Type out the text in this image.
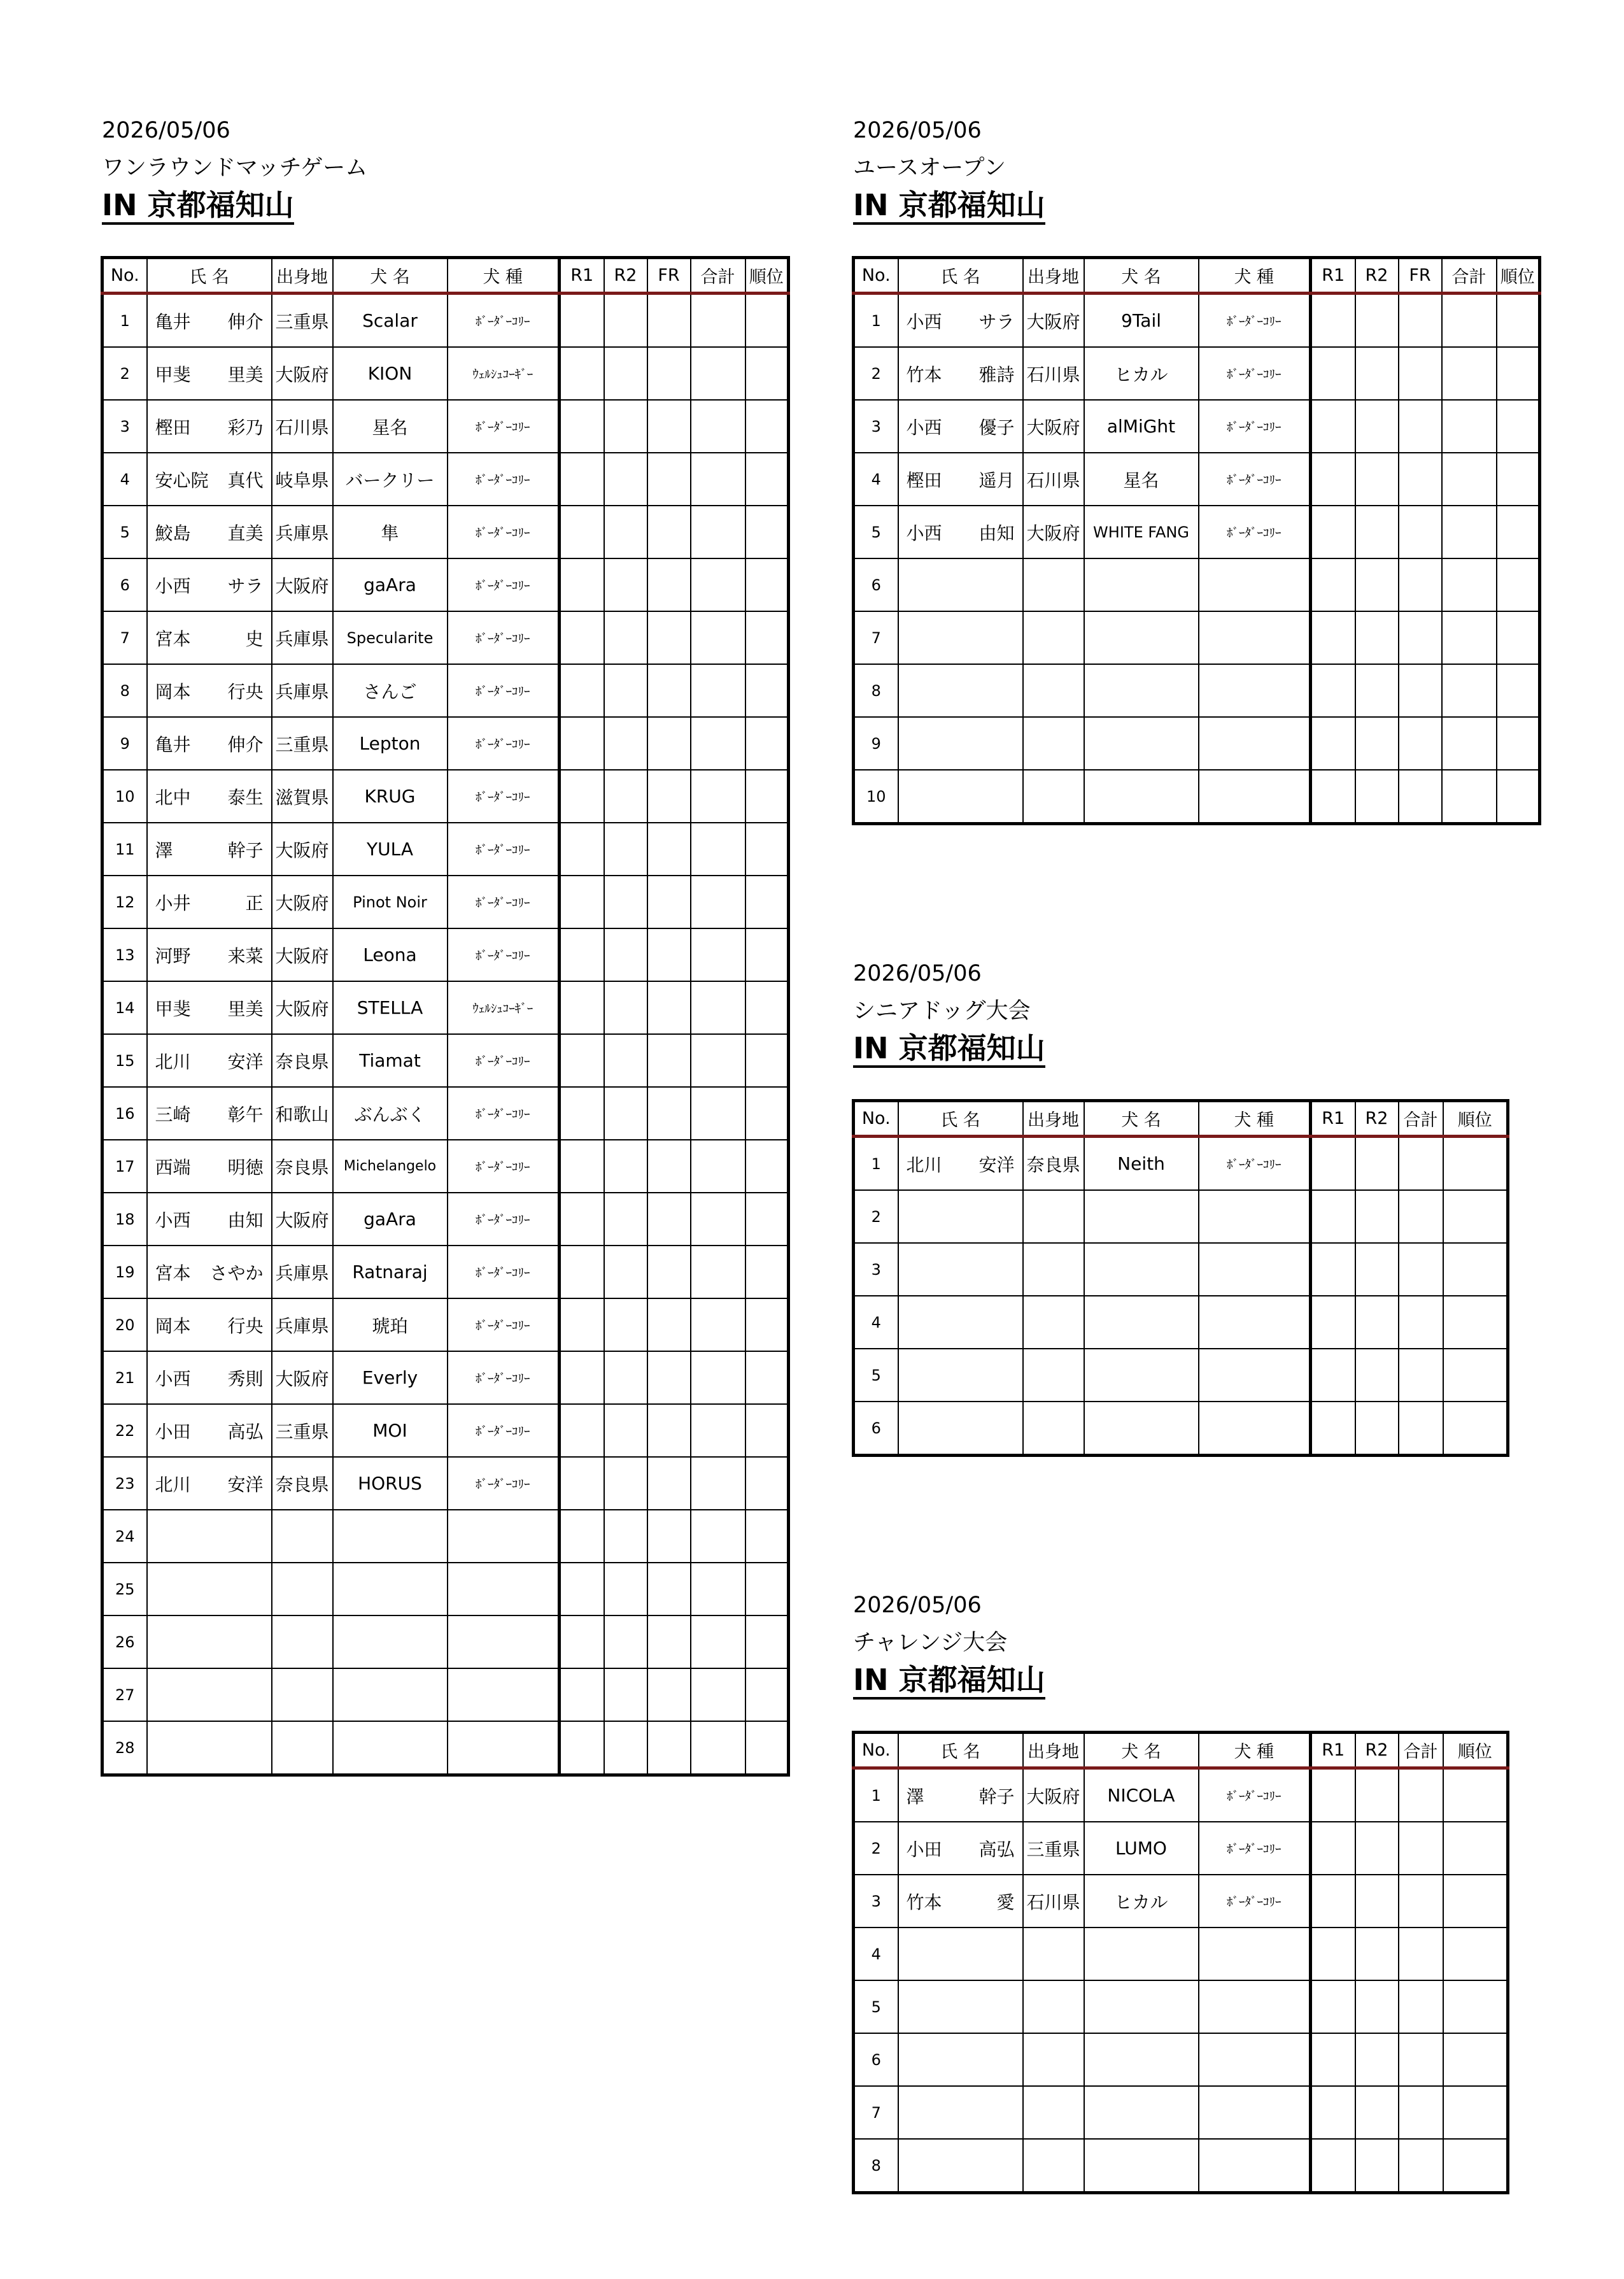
2026/05/06

ワンラウンドマッチゲーム

IN 京都福知山
No.	氏 名	出身地	犬 名	犬 種	R1	R2	FR	合計	順位
1	亀井 伸介	三重県	Scalar	ﾎﾞｰﾀﾞｰｺﾘｰ					
2	甲斐 里美	大阪府	KION	ｳｪﾙｼｭｺｰｷﾞｰ					
3	樫田 彩乃	石川県	星名	ﾎﾞｰﾀﾞｰｺﾘｰ					
4	安心院 真代	岐阜県	バークリー	ﾎﾞｰﾀﾞｰｺﾘｰ					
5	鮫島 直美	兵庫県	隼	ﾎﾞｰﾀﾞｰｺﾘｰ					
6	小西 サラ	大阪府	gaAra	ﾎﾞｰﾀﾞｰｺﾘｰ					
7	宮本 史	兵庫県	Specularite	ﾎﾞｰﾀﾞｰｺﾘｰ					
8	岡本 行央	兵庫県	さんご	ﾎﾞｰﾀﾞｰｺﾘｰ					
9	亀井 伸介	三重県	Lepton	ﾎﾞｰﾀﾞｰｺﾘｰ					
10	北中 泰生	滋賀県	KRUG	ﾎﾞｰﾀﾞｰｺﾘｰ					
11	澤 幹子	大阪府	YULA	ﾎﾞｰﾀﾞｰｺﾘｰ					
12	小井 正	大阪府	Pinot Noir	ﾎﾞｰﾀﾞｰｺﾘｰ					
13	河野 来菜	大阪府	Leona	ﾎﾞｰﾀﾞｰｺﾘｰ					
14	甲斐 里美	大阪府	STELLA	ｳｪﾙｼｭｺｰｷﾞｰ					
15	北川 安洋	奈良県	Tiamat	ﾎﾞｰﾀﾞｰｺﾘｰ					
16	三崎 彰午	和歌山	ぶんぶく	ﾎﾞｰﾀﾞｰｺﾘｰ					
17	西端 明徳	奈良県	Michelangelo	ﾎﾞｰﾀﾞｰｺﾘｰ					
18	小西 由知	大阪府	gaAra	ﾎﾞｰﾀﾞｰｺﾘｰ					
19	宮本 さやか	兵庫県	Ratnaraj	ﾎﾞｰﾀﾞｰｺﾘｰ					
20	岡本 行央	兵庫県	琥珀	ﾎﾞｰﾀﾞｰｺﾘｰ					
21	小西 秀則	大阪府	Everly	ﾎﾞｰﾀﾞｰｺﾘｰ					
22	小田 高弘	三重県	MOI	ﾎﾞｰﾀﾞｰｺﾘｰ					
23	北川 安洋	奈良県	HORUS	ﾎﾞｰﾀﾞｰｺﾘｰ					
24									
25									
26									
27									
28									

2026/05/06

ユースオープン

IN 京都福知山
No.	氏 名	出身地	犬 名	犬 種	R1	R2	FR	合計	順位
1	小西 サラ	大阪府	9Tail	ﾎﾞｰﾀﾞｰｺﾘｰ					
2	竹本 雅詩	石川県	ヒカル	ﾎﾞｰﾀﾞｰｺﾘｰ					
3	小西 優子	大阪府	alMiGht	ﾎﾞｰﾀﾞｰｺﾘｰ					
4	樫田 遥月	石川県	星名	ﾎﾞｰﾀﾞｰｺﾘｰ					
5	小西 由知	大阪府	WHITE FANG	ﾎﾞｰﾀﾞｰｺﾘｰ					
6									
7									
8									
9									
10									

2026/05/06

シニアドッグ大会

IN 京都福知山
No.	氏 名	出身地	犬 名	犬 種	R1	R2	合計	順位
1	北川 安洋	奈良県	Neith	ﾎﾞｰﾀﾞｰｺﾘｰ				
2								
3								
4								
5								
6								

2026/05/06

チャレンジ大会

IN 京都福知山
No.	氏 名	出身地	犬 名	犬 種	R1	R2	合計	順位
1	澤 幹子	大阪府	NICOLA	ﾎﾞｰﾀﾞｰｺﾘｰ				
2	小田 高弘	三重県	LUMO	ﾎﾞｰﾀﾞｰｺﾘｰ				
3	竹本 愛	石川県	ヒカル	ﾎﾞｰﾀﾞｰｺﾘｰ				
4								
5								
6								
7								
8								
